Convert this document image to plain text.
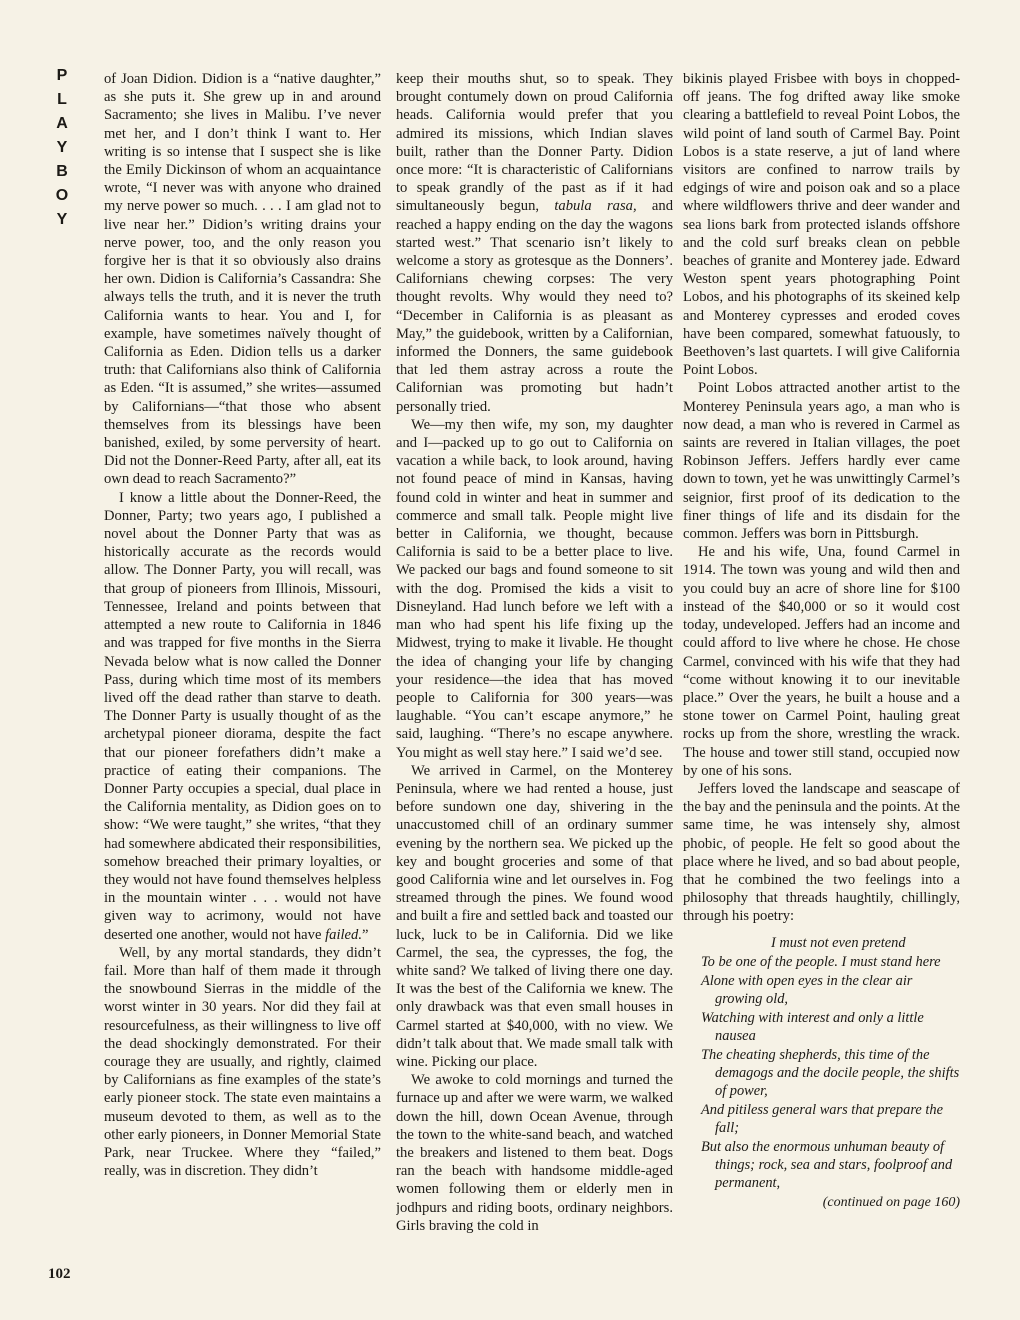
P
L
A
Y
B
O
Y
102

of Joan Didion. Didion is a “native daughter,” as she puts it. She grew up in and around Sacramento; she lives in Malibu. I’ve never met her, and I don’t think I want to. Her writing is so intense that I suspect she is like the Emily Dickinson of whom an acquaintance wrote, “I never was with anyone who drained my nerve power so much. . . . I am glad not to live near her.” Didion’s writing drains your nerve power, too, and the only reason you forgive her is that it so obviously also drains her own. Didion is California’s Cassandra: She always tells the truth, and it is never the truth California wants to hear. You and I, for example, have sometimes naïvely thought of California as Eden. Didion tells us a darker truth: that Californians also think of California as Eden. “It is assumed,” she writes—assumed by Californians—“that those who absent themselves from its blessings have been banished, exiled, by some perversity of heart. Did not the Donner-Reed Party, after all, eat its own dead to reach Sacramento?”

I know a little about the Donner-Reed, the Donner, Party; two years ago, I published a novel about the Donner Party that was as historically accurate as the records would allow. The Donner Party, you will recall, was that group of pioneers from Illinois, Missouri, Tennessee, Ireland and points between that attempted a new route to California in 1846 and was trapped for five months in the Sierra Nevada below what is now called the Donner Pass, during which time most of its members lived off the dead rather than starve to death. The Donner Party is usually thought of as the archetypal pioneer diorama, despite the fact that our pioneer forefathers didn’t make a practice of eating their companions. The Donner Party occupies a special, dual place in the California mentality, as Didion goes on to show: “We were taught,” she writes, “that they had somewhere abdicated their responsibilities, somehow breached their primary loyalties, or they would not have found themselves helpless in the mountain winter . . . would not have given way to acrimony, would not have deserted one another, would not have failed.”

Well, by any mortal standards, they didn’t fail. More than half of them made it through the snowbound Sierras in the middle of the worst winter in 30 years. Nor did they fail at resourcefulness, as their willingness to live off the dead shockingly demonstrated. For their courage they are usually, and rightly, claimed by Californians as fine examples of the state’s early pioneer stock. The state even maintains a museum devoted to them, as well as to the other early pioneers, in Donner Memorial State Park, near Truckee. Where they “failed,” really, was in discretion. They didn’t

keep their mouths shut, so to speak. They brought contumely down on proud California heads. California would prefer that you admired its missions, which Indian slaves built, rather than the Donner Party. Didion once more: “It is characteristic of Californians to speak grandly of the past as if it had simultaneously begun, tabula rasa, and reached a happy ending on the day the wagons started west.” That scenario isn’t likely to welcome a story as grotesque as the Donners’. Californians chewing corpses: The very thought revolts. Why would they need to? “December in California is as pleasant as May,” the guidebook, written by a Californian, informed the Donners, the same guidebook that led them astray across a route the Californian was promoting but hadn’t personally tried.

We—my then wife, my son, my daughter and I—packed up to go out to California on vacation a while back, to look around, having not found peace of mind in Kansas, having found cold in winter and heat in summer and commerce and small talk. People might live better in California, we thought, because California is said to be a better place to live. We packed our bags and found someone to sit with the dog. Promised the kids a visit to Disneyland. Had lunch before we left with a man who had spent his life fixing up the Midwest, trying to make it livable. He thought the idea of changing your life by changing your residence—the idea that has moved people to California for 300 years—was laughable. “You can’t escape anymore,” he said, laughing. “There’s no escape anywhere. You might as well stay here.” I said we’d see.

We arrived in Carmel, on the Monterey Peninsula, where we had rented a house, just before sundown one day, shivering in the unaccustomed chill of an ordinary summer evening by the northern sea. We picked up the key and bought groceries and some of that good California wine and let ourselves in. Fog streamed through the pines. We found wood and built a fire and settled back and toasted our luck, luck to be in California. Did we like Carmel, the sea, the cypresses, the fog, the white sand? We talked of living there one day. It was the best of the California we knew. The only drawback was that even small houses in Carmel started at $40,000, with no view. We didn’t talk about that. We made small talk with wine. Picking our place.

We awoke to cold mornings and turned the furnace up and after we were warm, we walked down the hill, down Ocean Avenue, through the town to the white-sand beach, and watched the breakers and listened to them beat. Dogs ran the beach with handsome middle-aged women following them or elderly men in jodhpurs and riding boots, ordinary neighbors. Girls braving the cold in

bikinis played Frisbee with boys in chopped-off jeans. The fog drifted away like smoke clearing a battlefield to reveal Point Lobos, the wild point of land south of Carmel Bay. Point Lobos is a state reserve, a jut of land where visitors are confined to narrow trails by edgings of wire and poison oak and so a place where wildflowers thrive and deer wander and sea lions bark from protected islands offshore and the cold surf breaks clean on pebble beaches of granite and Monterey jade. Edward Weston spent years photographing Point Lobos, and his photographs of its skeined kelp and Monterey cypresses and eroded coves have been compared, somewhat fatuously, to Beethoven’s last quartets. I will give California Point Lobos.

Point Lobos attracted another artist to the Monterey Peninsula years ago, a man who is now dead, a man who is revered in Carmel as saints are revered in Italian villages, the poet Robinson Jeffers. Jeffers hardly ever came down to town, yet he was unwittingly Carmel’s seignior, first proof of its dedication to the finer things of life and its disdain for the common. Jeffers was born in Pittsburgh.

He and his wife, Una, found Carmel in 1914. The town was young and wild then and you could buy an acre of shore line for $100 instead of the $40,000 or so it would cost today, undeveloped. Jeffers had an income and could afford to live where he chose. He chose Carmel, convinced with his wife that they had “come without knowing it to our inevitable place.” Over the years, he built a house and a stone tower on Carmel Point, hauling great rocks up from the shore, wrestling the wrack. The house and tower still stand, occupied now by one of his sons.

Jeffers loved the landscape and seascape of the bay and the peninsula and the points. At the same time, he was intensely shy, almost phobic, of people. He felt so good about the place where he lived, and so bad about people, that he combined the two feelings into a philosophy that threads haughtily, chillingly, through his poetry:

I must not even pretend
To be one of the people. I must stand here
Alone with open eyes in the clear air growing old,
Watching with interest and only a little nausea
The cheating shepherds, this time of the demagogs and the docile people, the shifts of power,
And pitiless general wars that prepare the fall;
But also the enormous unhuman beauty of things; rock, sea and stars, foolproof and permanent,
(continued on page 160)
